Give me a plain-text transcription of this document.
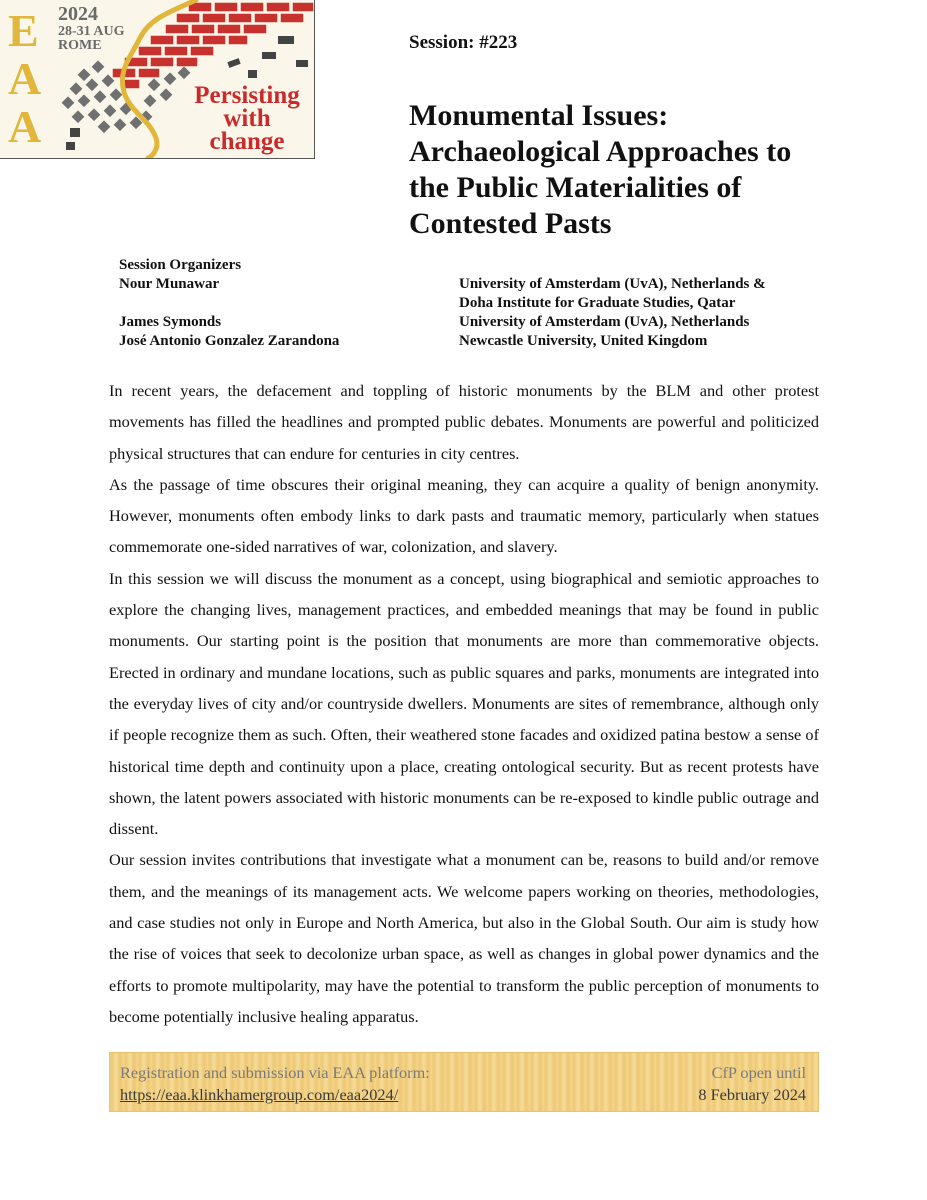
E
A
A
2024
28-31 AUG
ROME
Persisting
with
change
Session: #223
Monumental Issues:
Archaeological Approaches to
the Public Materialities of
Contested Pasts
Session Organizers
Nour Munawar	University of Amsterdam (UvA), Netherlands &
Doha Institute for Graduate Studies, Qatar
James Symonds	University of Amsterdam (UvA), Netherlands
José Antonio Gonzalez Zarandona	Newcastle University, United Kingdom

In recent years, the defacement and toppling of historic monuments by the BLM and other protest movements has filled the headlines and prompted public debates. Monuments are powerful and politicized physical structures that can endure for centuries in city centres.

As the passage of time obscures their original meaning, they can acquire a quality of benign anonymity. However, monuments often embody links to dark pasts and traumatic memory, particularly when statues commemorate one-sided narratives of war, colonization, and slavery.

In this session we will discuss the monument as a concept, using biographical and semiotic approaches to explore the changing lives, management practices, and embedded meanings that may be found in public monuments. Our starting point is the position that monuments are more than commemorative objects. Erected in ordinary and mundane locations, such as public squares and parks, monuments are integrated into the everyday lives of city and/or countryside dwellers. Monuments are sites of remembrance, although only if people recognize them as such. Often, their weathered stone facades and oxidized patina bestow a sense of historical time depth and continuity upon a place, creating ontological security. But as recent protests have shown, the latent powers associated with historic monuments can be re-exposed to kindle public outrage and dissent.

Our session invites contributions that investigate what a monument can be, reasons to build and/or remove them, and the meanings of its management acts. We welcome papers working on theories, methodologies, and case studies not only in Europe and North America, but also in the Global South. Our aim is study how the rise of voices that seek to decolonize urban space, as well as changes in global power dynamics and the efforts to promote multipolarity, may have the potential to transform the public perception of monuments to become potentially inclusive healing apparatus.

Registration and submission via EAA platform:
https://eaa.klinkhamergroup.com/eaa2024/
CfP open until
8 February 2024
